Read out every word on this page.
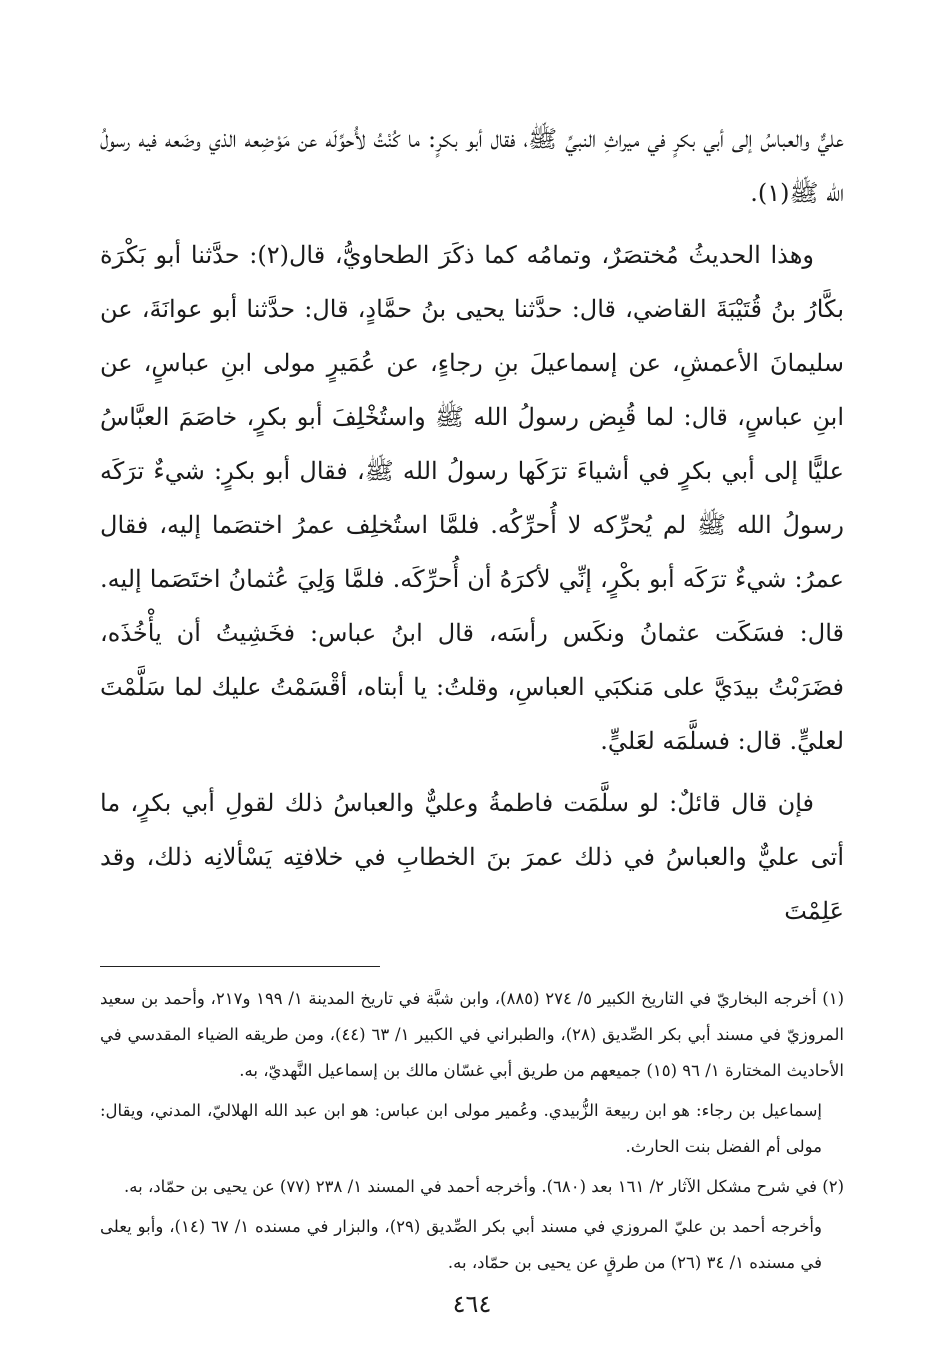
عليٌّ والعباسُ إلى أبي بكرٍ في ميراثِ النبيِّ ﷺ، فقال أبو بكرٍ: ما كُنْتُ لأُحوِّلَه عن مَوْضِعه الذي وضَعه فيه رسولُ الله ﷺ(١).

وهذا الحديثُ مُختصَرٌ، وتمامُه كما ذكَرَ الطحاويُّ، قال(٢): حدَّثنا أبو بَكْرَة بكَّارُ بنُ قُتَيْبَةَ القاضي، قال: حدَّثنا يحيى بنُ حمَّادٍ، قال: حدَّثنا أبو عوانَةَ، عن سليمانَ الأعمشِ، عن إسماعيلَ بنِ رجاءٍ، عن عُمَيرٍ مولى ابنِ عباسٍ، عن ابنِ عباسٍ، قال: لما قُبِض رسولُ الله ﷺ واستُخْلِفَ أبو بكرٍ، خاصَمَ العبَّاسُ عليًّا إلى أبي بكرٍ في أشياءَ ترَكَها رسولُ الله ﷺ، فقال أبو بكرٍ: شيءٌ ترَكَه رسولُ الله ﷺ لم يُحرِّكه لا أُحرِّكُه. فلمَّا استُخلِف عمرُ اختصَما إليه، فقال عمرُ: شيءٌ ترَكَه أبو بكْرٍ، إنِّي لأكرَهُ أن أُحرِّكَه. فلمَّا وَلِيَ عُثمانُ اختَصَما إليه. قال: فسَكَت عثمانُ ونكَس رأسَه، قال ابنُ عباس: فخَشِيتُ أن يأْخُذَه، فضَرَبْتُ بيدَيَّ على مَنكبَي العباسِ، وقلتُ: يا أبتاه، أقْسَمْتُ عليك لما سَلَّمْتَ لعليٍّ. قال: فسلَّمَه لعَليٍّ.

فإن قال قائلٌ: لو سلَّمَت فاطمةُ وعليٌّ والعباسُ ذلك لقولِ أبي بكرٍ، ما أتى عليٌّ والعباسُ في ذلك عمرَ بنَ الخطابِ في خلافتِه يَسْألانِه ذلك، وقد عَلِمْتَ

(١) أخرجه البخاريّ في التاريخ الكبير ٥/ ٢٧٤ (٨٨٥)، وابن شبَّة في تاريخ المدينة ١/ ١٩٩ و٢١٧، وأحمد بن سعيد المروزيّ في مسند أبي بكر الصِّديق (٢٨)، والطبراني في الكبير ١/ ٦٣ (٤٤)، ومن طريقه الضياء المقدسي في الأحاديث المختارة ١/ ٩٦ (١٥) جميعهم من طريق أبي غسّان مالك بن إسماعيل النَّهديّ، به.
إسماعيل بن رجاء: هو ابن ربيعة الزُّبيدي. وعُمير مولى ابن عباس: هو ابن عبد الله الهلاليّ، المدني، ويقال: مولى أم الفضل بنت الحارث.
(٢) في شرح مشكل الآثار ٢/ ١٦١ بعد (٦٨٠). وأخرجه أحمد في المسند ١/ ٢٣٨ (٧٧) عن يحيى بن حمّاد، به.
وأخرجه أحمد بن عليّ المروزي في مسند أبي بكر الصِّديق (٢٩)، والبزار في مسنده ١/ ٦٧ (١٤)، وأبو يعلى في مسنده ١/ ٣٤ (٢٦) من طرقٍ عن يحيى بن حمّاد، به.
٤٦٤
